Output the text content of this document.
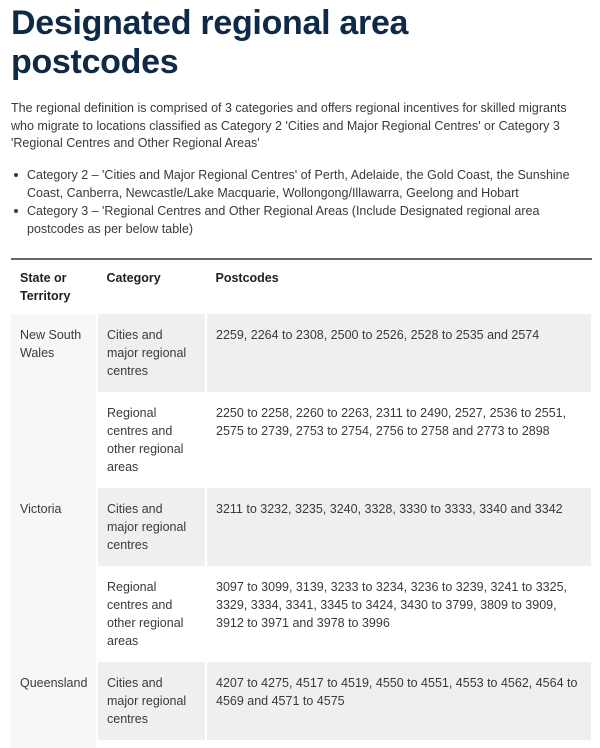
Designated regional area
postcodes

The regional definition is comprised of 3 categories and offers regional incentives for skilled migrants who migrate to locations classified as Category 2 'Cities and Major Regional Centres' or Category 3 'Regional Centres and Other Regional Areas'

Category 2 – 'Cities and Major Regional Centres' of Perth, Adelaide, the Gold Coast, the Sunshine Coast, Canberra, Newcastle/Lake Macquarie, Wollongong/Illawarra, Geelong and Hobart
Category 3 – 'Regional Centres and Other Regional Areas (Include Designated regional area postcodes as per below table)
State or Territory	Category	Postcodes
New South Wales	Cities and major regional centres	2259, 2264 to 2308, 2500 to 2526, 2528 to 2535 and 2574
	Regional centres and other regional areas	2250 to 2258, 2260 to 2263, 2311 to 2490, 2527, 2536 to 2551, 2575 to 2739, 2753 to 2754, 2756 to 2758 and 2773 to 2898
Victoria	Cities and major regional centres	3211 to 3232, 3235, 3240, 3328, 3330 to 3333, 3340 and 3342
	Regional centres and other regional areas	3097 to 3099, 3139, 3233 to 3234, 3236 to 3239, 3241 to 3325, 3329, 3334, 3341, 3345 to 3424, 3430 to 3799, 3809 to 3909, 3912 to 3971 and 3978 to 3996
Queensland	Cities and major regional centres	4207 to 4275, 4517 to 4519, 4550 to 4551, 4553 to 4562, 4564 to 4569 and 4571 to 4575
